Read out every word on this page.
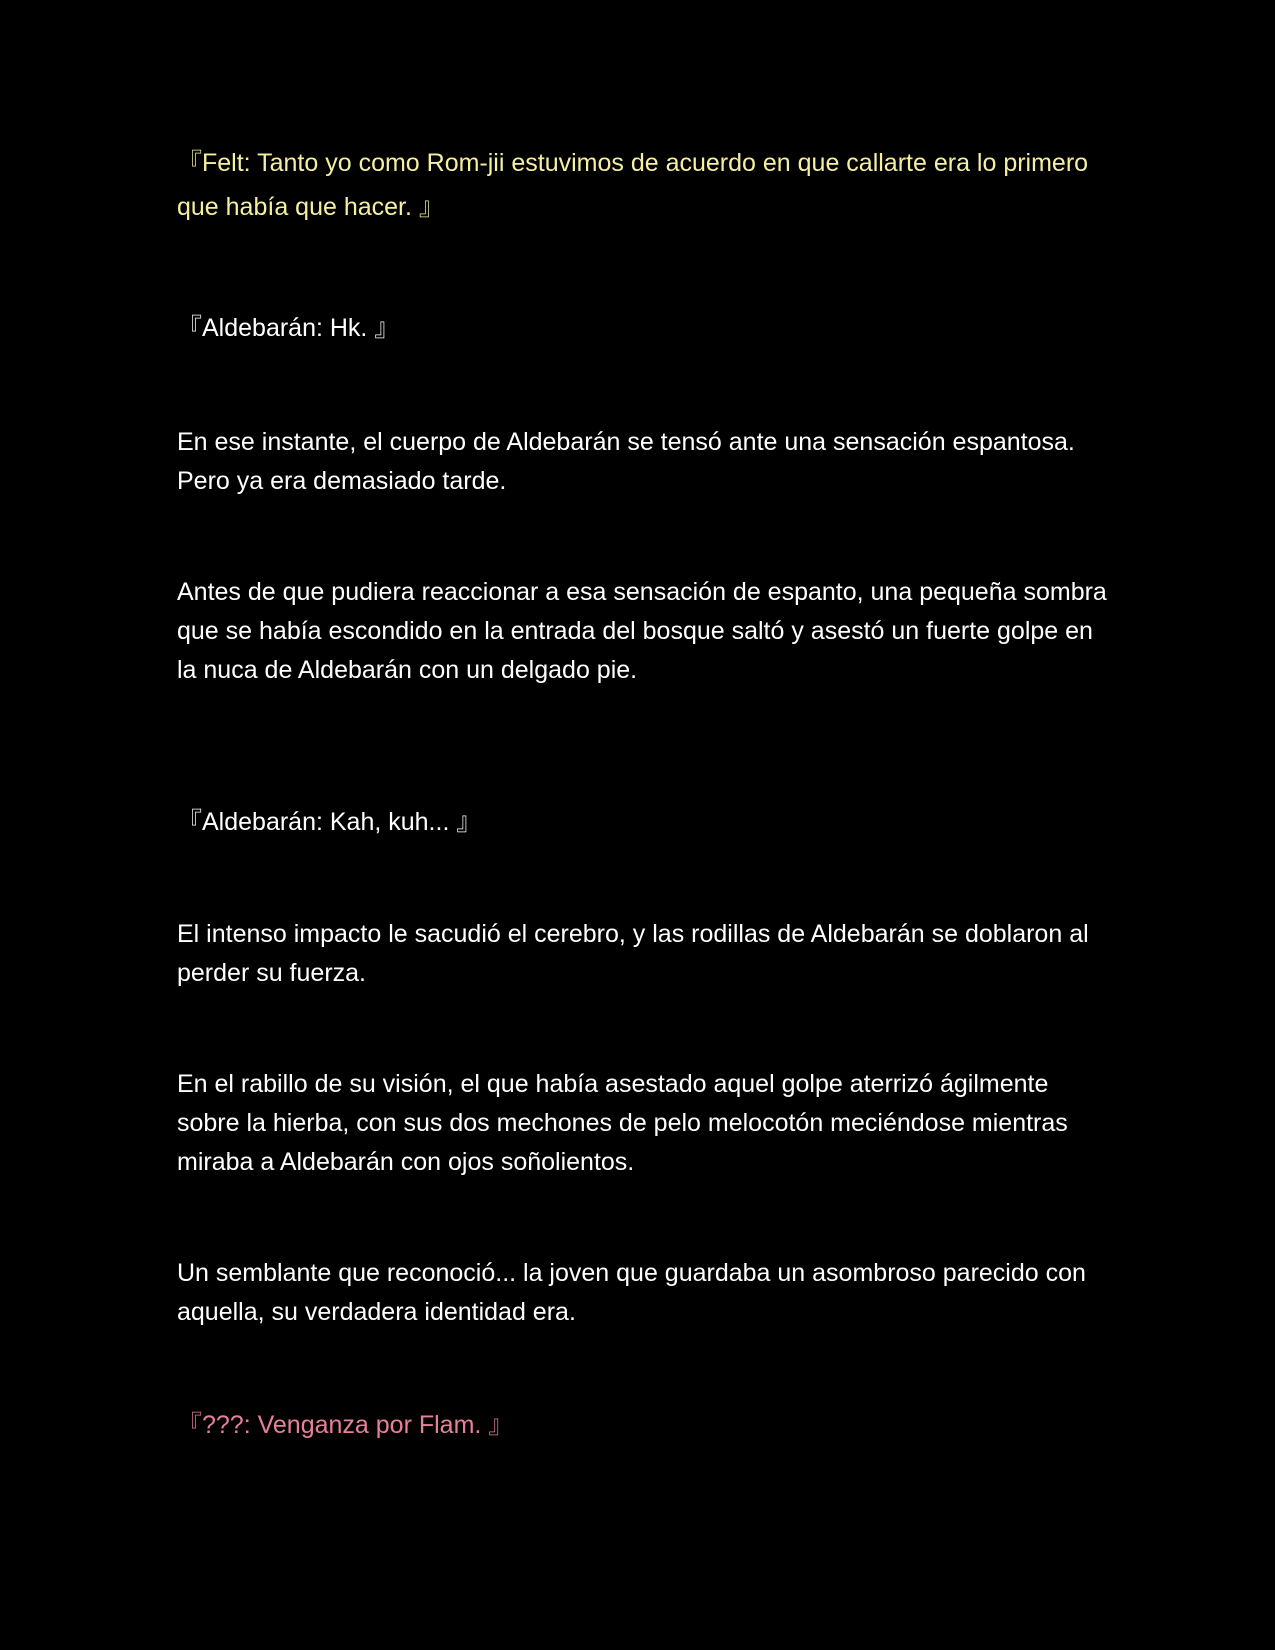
『Felt: Tanto yo como Rom-jii estuvimos de acuerdo en que callarte era lo primero que había que hacer. 』

『Aldebarán: Hk. 』

En ese instante, el cuerpo de Aldebarán se tensó ante una sensación espantosa. Pero ya era demasiado tarde.

Antes de que pudiera reaccionar a esa sensación de espanto, una pequeña sombra que se había escondido en la entrada del bosque saltó y asestó un fuerte golpe en la nuca de Aldebarán con un delgado pie.

『Aldebarán: Kah, kuh... 』

El intenso impacto le sacudió el cerebro, y las rodillas de Aldebarán se doblaron al perder su fuerza.

En el rabillo de su visión, el que había asestado aquel golpe aterrizó ágilmente sobre la hierba, con sus dos mechones de pelo melocotón meciéndose mientras miraba a Aldebarán con ojos soñolientos.

Un semblante que reconoció... la joven que guardaba un asombroso parecido con aquella, su verdadera identidad era.

『???: Venganza por Flam. 』
